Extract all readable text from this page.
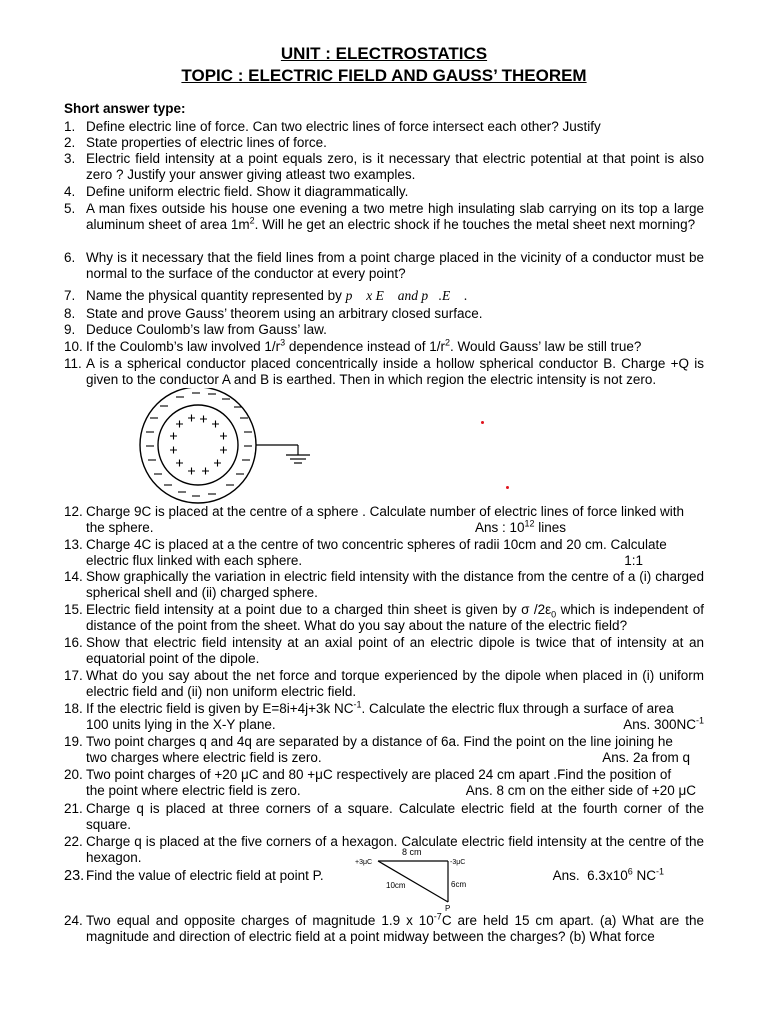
UNIT : ELECTROSTATICS
TOPIC : ELECTRIC FIELD AND GAUSS’ THEOREM
Short answer type:
1. Define electric line of force. Can two electric lines of force intersect each other? Justify
2. State properties of electric lines of force.
3. Electric field intensity at a point equals zero, is it necessary that electric potential at that point is also zero ? Justify your answer giving atleast two examples.
4. Define uniform electric field. Show it diagrammatically.
5. A man fixes outside his house one evening a two metre high insulating slab carrying on its top a large aluminum sheet of area $1m^2$. Will he get an electric shock if he touches the metal sheet next morning?
6. Why is it necessary that the field lines from a point charge placed in the vicinity of a conductor must be normal to the surface of the conductor at every point?
7. Name the physical quantity represented by p⃗ x E⃗ and p⃗.E⃗ .
8. State and prove Gauss’ theorem using an arbitrary closed surface.
9. Deduce Coulomb’s law from Gauss’ law.
10. If the Coulomb’s law involved $1/r^3$ dependence instead of $1/r^2$. Would Gauss’ law be still true?
11. A is a spherical conductor placed concentrically inside a hollow spherical conductor B. Charge +Q is given to the conductor A and B is earthed. Then in which region the electric intensity is not zero.
12. Charge 9C is placed at the centre of a sphere . Calculate number of electric lines of force linked with
the sphere.	Ans : $10^{12}$ lines
13. Charge 4C is placed at a the centre of two concentric spheres of radii 10cm and 20 cm. Calculate
electric flux linked with each sphere.	1:1
14. Show graphically the variation in electric field intensity with the distance from the centre of a (i) charged spherical shell and (ii) charged sphere.
15. Electric field intensity at a point due to a charged thin sheet is given by σ $/2\varepsilon_0$ which is independent of distance of the point from the sheet. What do you say about the nature of the electric field?
16. Show that electric field intensity at an axial point of an electric dipole is twice that of intensity at an equatorial point of the dipole.
17. What do you say about the net force and torque experienced by the dipole when placed in (i) uniform electric field and (ii) non uniform electric field.
18. If the electric field is given by E=8i+4j+3k $NC^{-1}$. Calculate the electric flux through a surface of area
100 units lying in the X-Y plane.	Ans. $300NC^{-1}$
19. Two point charges q and 4q are separated by a distance of 6a. Find the point on the line joining he
two charges where electric field is zero.	Ans. 2a from q
20. Two point charges of +20 μC and 80 +μC respectively are placed 24 cm apart .Find the position of
the point where electric field is zero.	Ans. 8 cm on the either side of +20 μC
21. Charge q is placed at three corners of a square. Calculate electric field at the fourth corner of the square.
22. Charge q is placed at the five corners of a hexagon. Calculate electric field intensity at the centre of the hexagon.
23. Find the value of electric field at point P.	Ans.  $6.3x10^6$ $NC^{-1}$
8 cm
+3μC	-3μC
10cm	6cm
P
24. Two equal and opposite charges of magnitude 1.9 x $10^{-7}C$ are held 15 cm apart. (a) What are the magnitude and direction of electric field at a point midway between the charges? (b) What force
